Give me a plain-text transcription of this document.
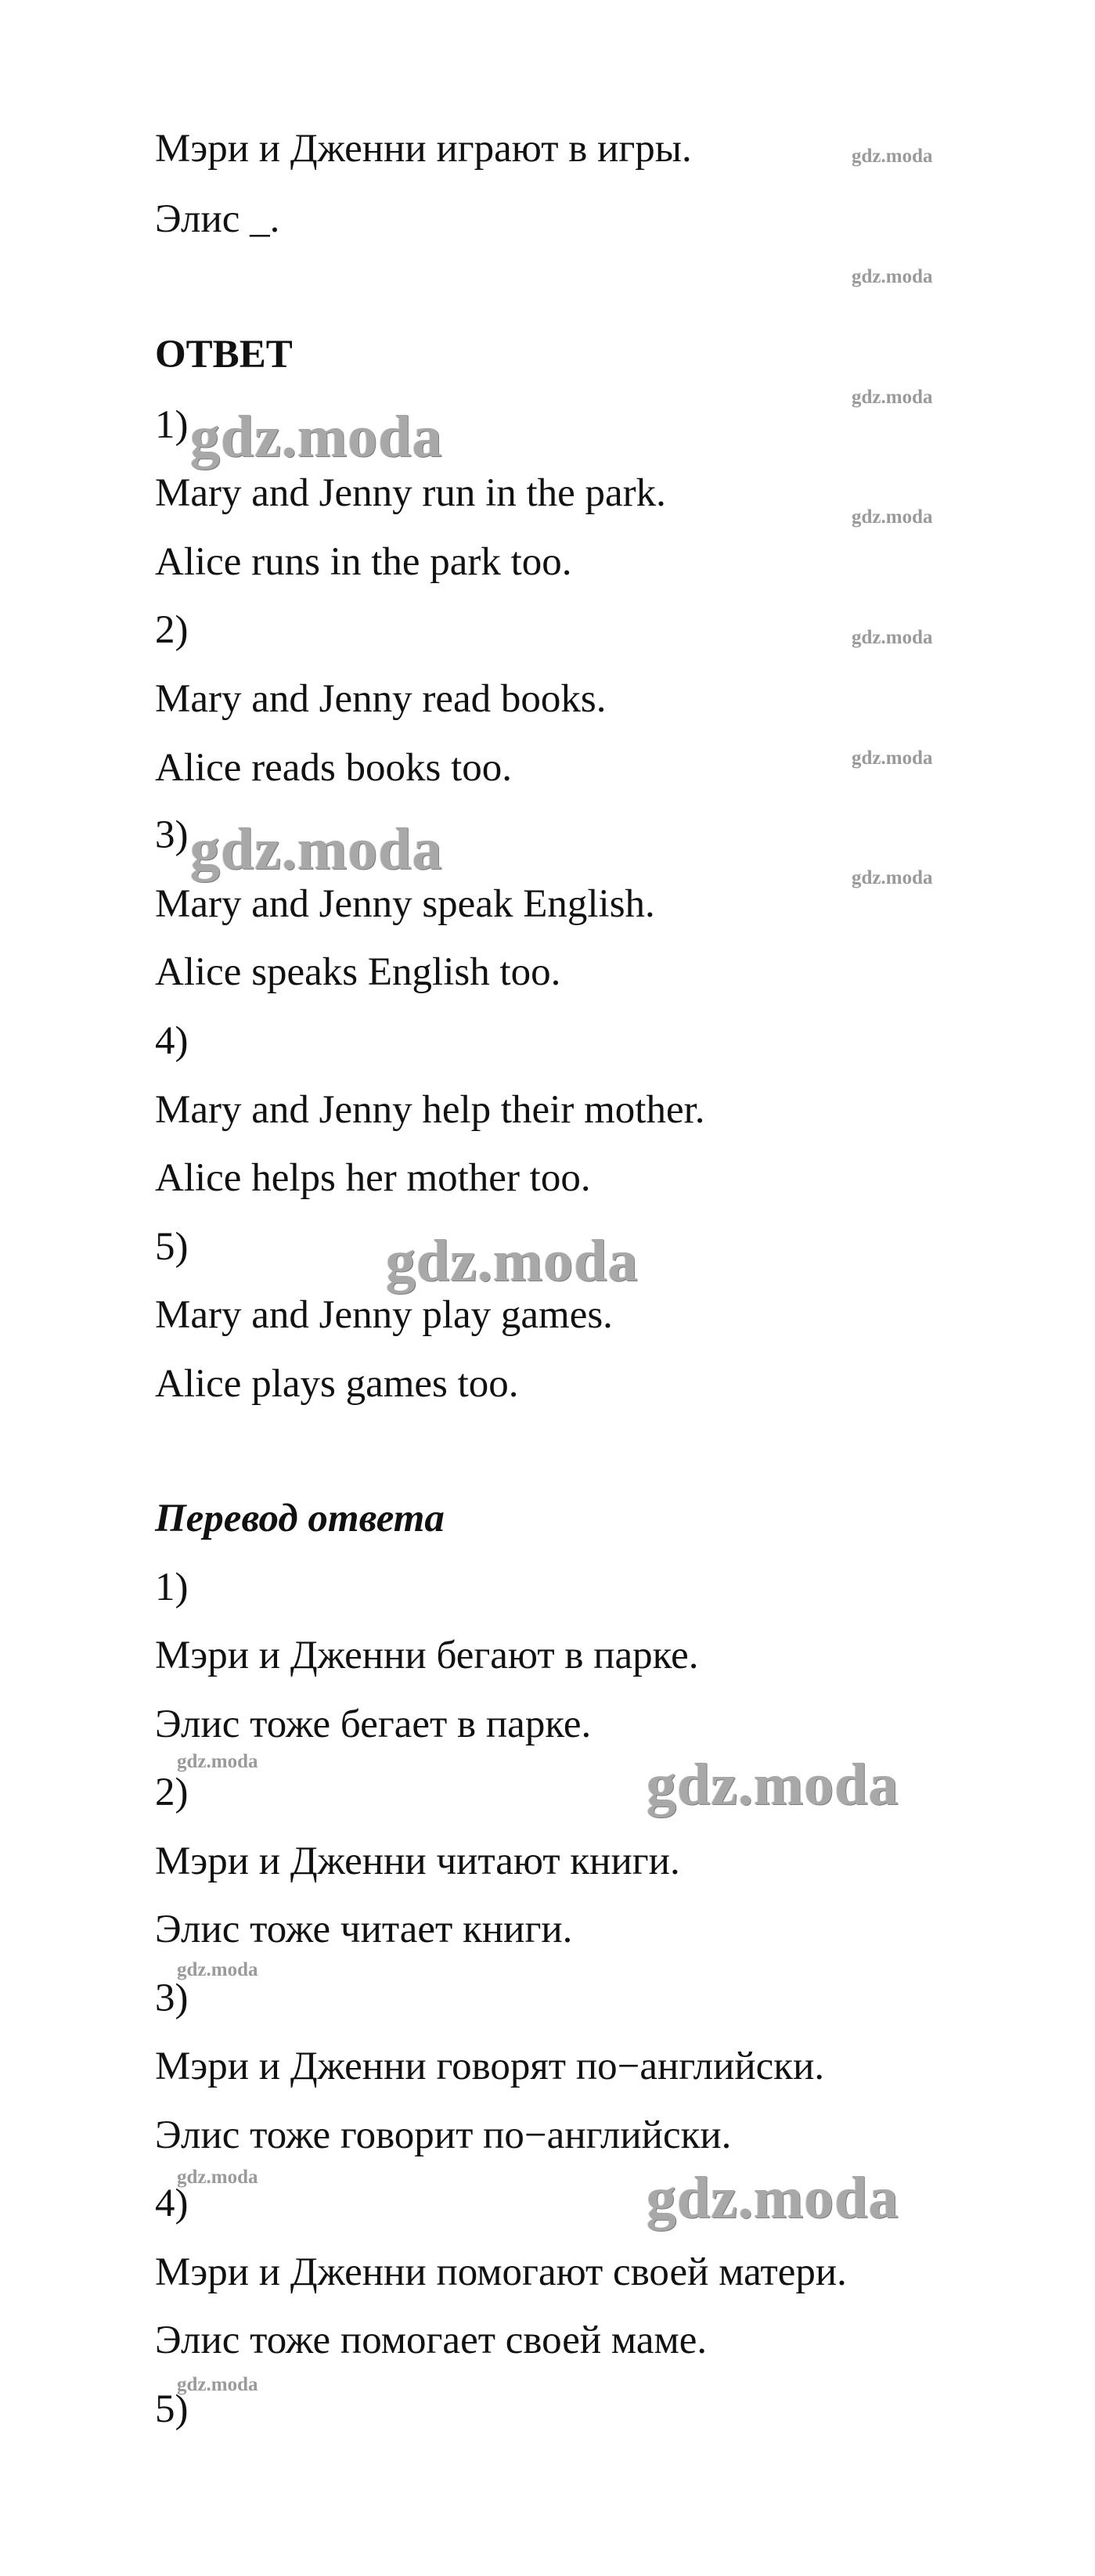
Мэри и Дженни играют в игры.
Элис _.
ОТВЕТ
1)
Mary and Jenny run in the park.
Alice runs in the park too.
2)
Mary and Jenny read books.
Alice reads books too.
3)
Mary and Jenny speak English.
Alice speaks English too.
4)
Mary and Jenny help their mother.
Alice helps her mother too.
5)
Mary and Jenny play games.
Alice plays games too.
Перевод ответа
1)
Мэри и Дженни бегают в парке.
Элис тоже бегает в парке.
2)
Мэри и Дженни читают книги.
Элис тоже читает книги.
3)
Мэри и Дженни говорят по−английски.
Элис тоже говорит по−английски.
4)
Мэри и Дженни помогают своей матери.
Элис тоже помогает своей маме.
5)
gdz.moda
gdz.moda
gdz.moda
gdz.moda
gdz.moda
gdz.moda
gdz.moda
gdz.moda
gdz.moda
gdz.moda
gdz.moda
gdz.moda
gdz.moda
gdz.moda
gdz.moda
gdz.moda
